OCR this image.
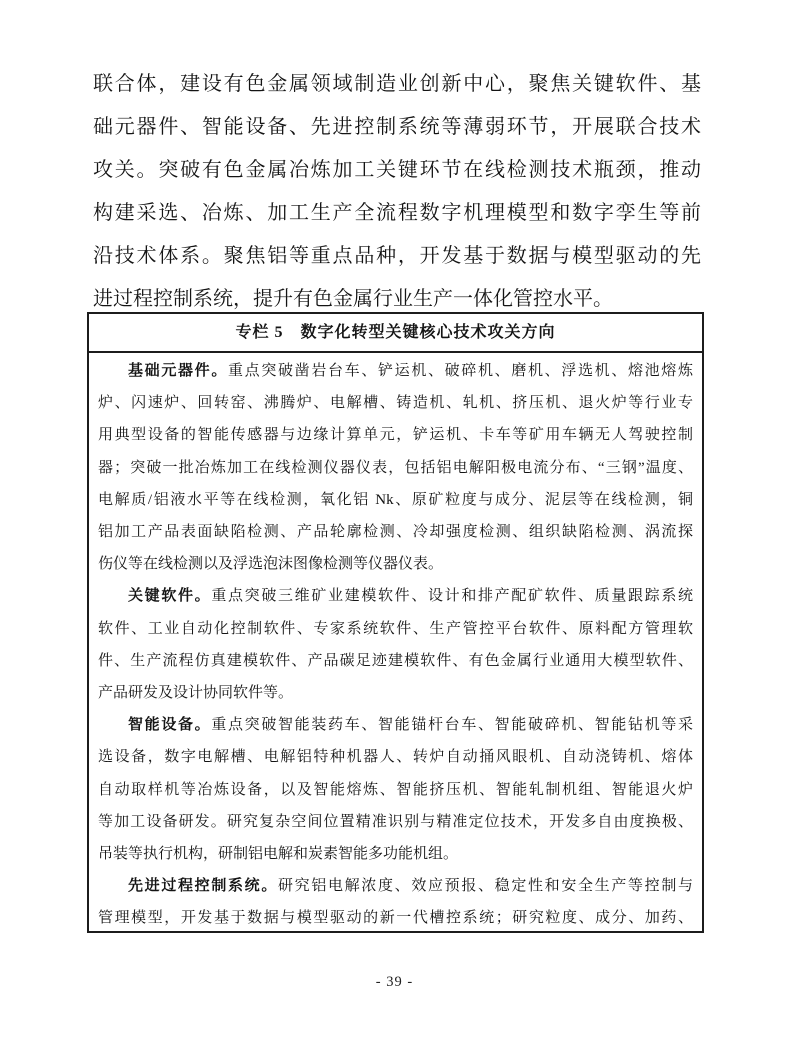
联合体，建设有色金属领域制造业创新中心，聚焦关键软件、基
础元器件、智能设备、先进控制系统等薄弱环节，开展联合技术
攻关。突破有色金属冶炼加工关键环节在线检测技术瓶颈，推动
构建采选、冶炼、加工生产全流程数字机理模型和数字孪生等前
沿技术体系。聚焦铝等重点品种，开发基于数据与模型驱动的先
进过程控制系统，提升有色金属行业生产一体化管控水平。
专栏 5　数字化转型关键核心技术攻关方向
基础元器件。重点突破凿岩台车、铲运机、破碎机、磨机、浮选机、熔池熔炼
炉、闪速炉、回转窑、沸腾炉、电解槽、铸造机、轧机、挤压机、退火炉等行业专
用典型设备的智能传感器与边缘计算单元，铲运机、卡车等矿用车辆无人驾驶控制
器；突破一批冶炼加工在线检测仪器仪表，包括铝电解阳极电流分布、“三钢”温度、
电解质/铝液水平等在线检测，氧化铝 Nk、原矿粒度与成分、泥层等在线检测，铜
铝加工产品表面缺陷检测、产品轮廓检测、冷却强度检测、组织缺陷检测、涡流探
伤仪等在线检测以及浮选泡沫图像检测等仪器仪表。
关键软件。重点突破三维矿业建模软件、设计和排产配矿软件、质量跟踪系统
软件、工业自动化控制软件、专家系统软件、生产管控平台软件、原料配方管理软
件、生产流程仿真建模软件、产品碳足迹建模软件、有色金属行业通用大模型软件、
产品研发及设计协同软件等。
智能设备。重点突破智能装药车、智能锚杆台车、智能破碎机、智能钻机等采
选设备，数字电解槽、电解铝特种机器人、转炉自动捅风眼机、自动浇铸机、熔体
自动取样机等冶炼设备，以及智能熔炼、智能挤压机、智能轧制机组、智能退火炉
等加工设备研发。研究复杂空间位置精准识别与精准定位技术，开发多自由度换极、
吊装等执行机构，研制铝电解和炭素智能多功能机组。
先进过程控制系统。研究铝电解浓度、效应预报、稳定性和安全生产等控制与
管理模型，开发基于数据与模型驱动的新一代槽控系统；研究粒度、成分、加药、
- 39 -
